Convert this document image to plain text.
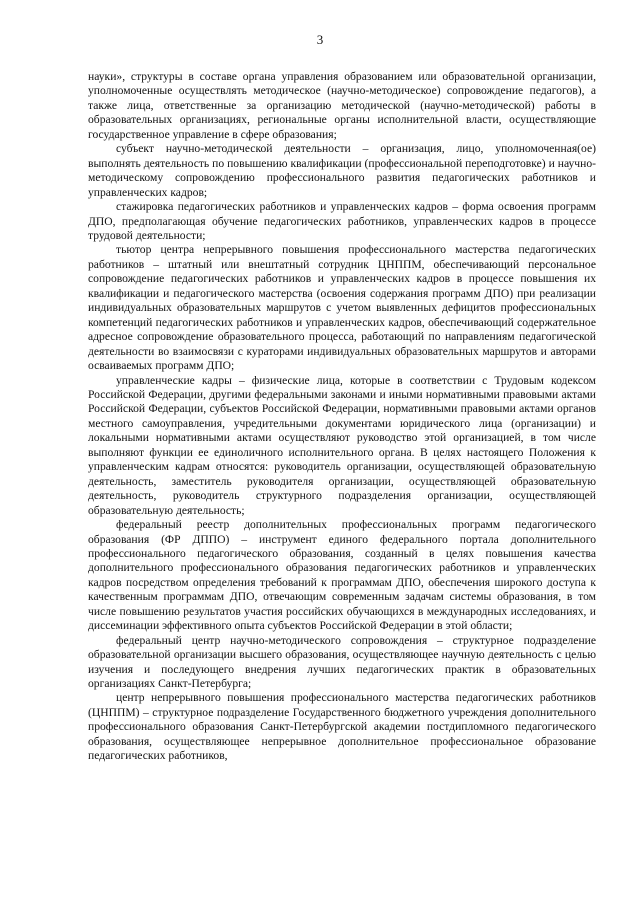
3

науки», структуры в составе органа управления образованием или образовательной организации, уполномоченные осуществлять методическое (научно-методическое) сопровождение педагогов), а также лица, ответственные за организацию методической (научно-методической) работы в образовательных организациях, региональные органы исполнительной власти, осуществляющие государственное управление в сфере образования;

субъект научно-методической деятельности – организация, лицо, уполномоченная(ое) выполнять деятельность по повышению квалификации (профессиональной переподготовке) и научно-методическому сопровождению профессионального развития педагогических работников и управленческих кадров;

стажировка педагогических работников и управленческих кадров – форма освоения программ ДПО, предполагающая обучение педагогических работников, управленческих кадров в процессе трудовой деятельности;

тьютор центра непрерывного повышения профессионального мастерства педагогических работников – штатный или внештатный сотрудник ЦНППМ, обеспечивающий персональное сопровождение педагогических работников и управленческих кадров в процессе повышения их квалификации и педагогического мастерства (освоения содержания программ ДПО) при реализации индивидуальных образовательных маршрутов с учетом выявленных дефицитов профессиональных компетенций педагогических работников и управленческих кадров, обеспечивающий содержательное адресное сопровождение образовательного процесса, работающий по направлениям педагогической деятельности во взаимосвязи с кураторами индивидуальных образовательных маршрутов и авторами осваиваемых программ ДПО;

управленческие кадры – физические лица, которые в соответствии с Трудовым кодексом Российской Федерации, другими федеральными законами и иными нормативными правовыми актами Российской Федерации, субъектов Российской Федерации, нормативными правовыми актами органов местного самоуправления, учредительными документами юридического лица (организации) и локальными нормативными актами осуществляют руководство этой организацией, в том числе выполняют функции ее единоличного исполнительного органа. В целях настоящего Положения к управленческим кадрам относятся: руководитель организации, осуществляющей образовательную деятельность, заместитель руководителя организации, осуществляющей образовательную деятельность, руководитель структурного подразделения организации, осуществляющей образовательную деятельность;

федеральный реестр дополнительных профессиональных программ педагогического образования (ФР ДППО) – инструмент единого федерального портала дополнительного профессионального педагогического образования, созданный в целях повышения качества дополнительного профессионального образования педагогических работников и управленческих кадров посредством определения требований к программам ДПО, обеспечения широкого доступа к качественным программам ДПО, отвечающим современным задачам системы образования, в том числе повышению результатов участия российских обучающихся в международных исследованиях, и диссеминации эффективного опыта субъектов Российской Федерации в этой области;

федеральный центр научно-методического сопровождения – структурное подразделение образовательной организации высшего образования, осуществляющее научную деятельность с целью изучения и последующего внедрения лучших педагогических практик в образовательных организациях Санкт-Петербурга;

центр непрерывного повышения профессионального мастерства педагогических работников (ЦНППМ) – структурное подразделение Государственного бюджетного учреждения дополнительного профессионального образования Санкт-Петербургской академии постдипломного педагогического образования, осуществляющее непрерывное дополнительное профессиональное образование педагогических работников,
